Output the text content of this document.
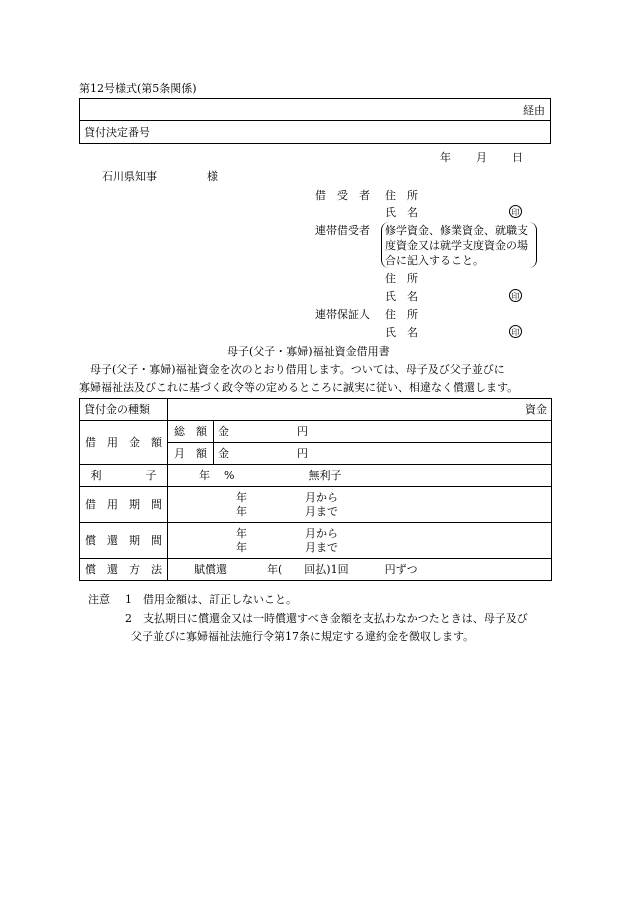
第12号様式(第5条関係)
経由
貸付決定番号
年 月 日
石川県知事	様
借　受　者 住　所
氏　名	印
連帯借受者 修学資金、修業資金、就職支度資金又は就学支度資金の場合に記入すること。
住　所
氏　名	印
連帯保証人 住　所
氏　名	印
母子(父子・寡婦)福祉資金借用書
母子(父子・寡婦)福祉資金を次のとおり借用します。ついては、母子及び父子並びに
寡婦福祉法及びこれに基づく政令等の定めるところに誠実に従い、相違なく償還します。
貸付金の種類	資金	
借　用　金　額	総　額	金 円
	月　額	金 円
利　　　　子	年 % 無利子	
借　用　期　間	年 月から
年 月まで	

償　還　期　間	年 月から
年 月まで	

償　還　方　法	賦償還 年(　　回払)1回 円ずつ	
注意 1 借用金額は、訂正しないこと。
2 支払期日に償還金又は一時償還すべき金額を支払わなかつたときは、母子及び
父子並びに寡婦福祉法施行令第17条に規定する違約金を徴収します。
